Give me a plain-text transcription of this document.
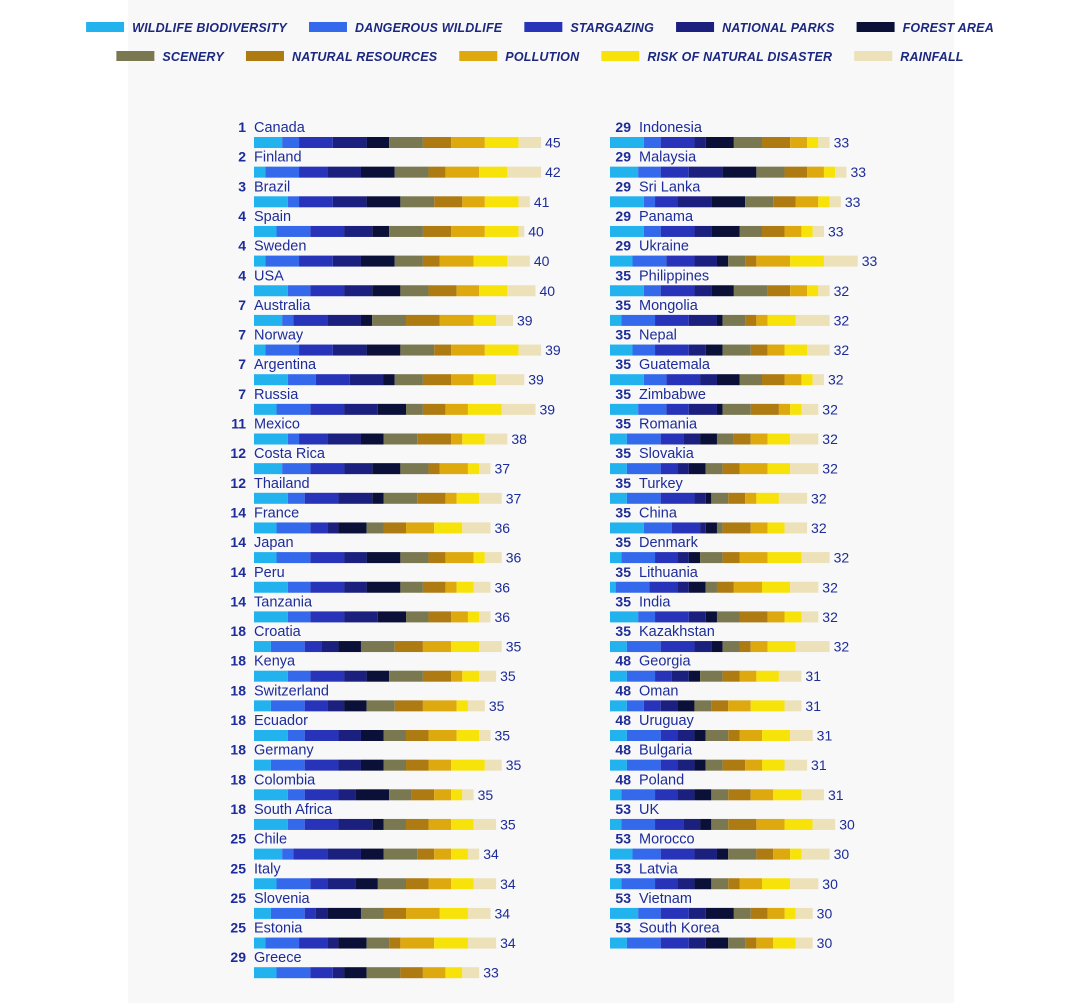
WILDLIFE BIODIVERSITY	DANGEROUS WILDLIFE	STARGAZING	NATIONAL PARKS	FOREST AREA
SCENERY	NATURAL RESOURCES	POLLUTION	RISK OF NATURAL DISASTER	RAINFALL
1 Canada
45
2 Finland
42
3 Brazil
41
4 Spain
40
4 Sweden
40
4 USA
40
7 Australia
39
7 Norway
39
7 Argentina
39
7 Russia
39
11 Mexico
38
12 Costa Rica
37
12 Thailand
37
14 France
36
14 Japan
36
14 Peru
36
14 Tanzania
36
18 Croatia
35
18 Kenya
35
18 Switzerland
35
18 Ecuador
35
18 Germany
35
18 Colombia
35
18 South Africa
35
25 Chile
34
25 Italy
34
25 Slovenia
34
25 Estonia
34
29 Greece
33
29 Indonesia
33
29 Malaysia
33
29 Sri Lanka
33
29 Panama
33
29 Ukraine
33
35 Philippines
32
35 Mongolia
32
35 Nepal
32
35 Guatemala
32
35 Zimbabwe
32
35 Romania
32
35 Slovakia
32
35 Turkey
32
35 China
32
35 Denmark
32
35 Lithuania
32
35 India
32
35 Kazakhstan
32
48 Georgia
31
48 Oman
31
48 Uruguay
31
48 Bulgaria
31
48 Poland
31
53 UK
30
53 Morocco
30
53 Latvia
30
53 Vietnam
30
53 South Korea
30
